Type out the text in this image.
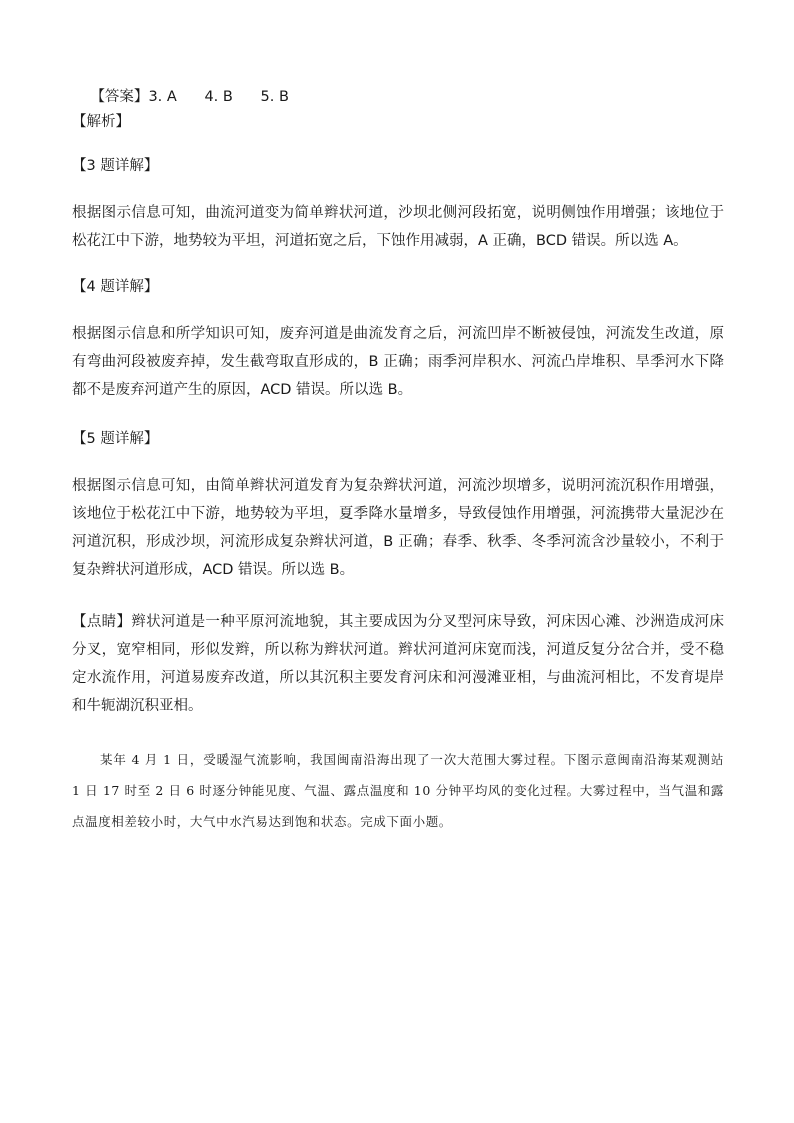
【答案】3. A      4. B      5. B

【解析】
【3 题详解】
根据图示信息可知，曲流河道变为简单辫状河道，沙坝北侧河段拓宽，说明侧蚀作用增强；该地位于松花江中下游，地势较为平坦，河道拓宽之后，下蚀作用减弱，A 正确，BCD 错误。所以选 A。
【4 题详解】
根据图示信息和所学知识可知，废弃河道是曲流发育之后，河流凹岸不断被侵蚀，河流发生改道，原有弯曲河段被废弃掉，发生截弯取直形成的，B 正确；雨季河岸积水、河流凸岸堆积、旱季河水下降都不是废弃河道产生的原因，ACD 错误。所以选 B。
【5 题详解】
根据图示信息可知，由简单辫状河道发育为复杂辫状河道，河流沙坝增多，说明河流沉积作用增强，该地位于松花江中下游，地势较为平坦，夏季降水量增多，导致侵蚀作用增强，河流携带大量泥沙在河道沉积，形成沙坝，河流形成复杂辫状河道，B 正确；春季、秋季、冬季河流含沙量较小，不利于复杂辫状河道形成，ACD 错误。所以选 B。
【点睛】辫状河道是一种平原河流地貌，其主要成因为分叉型河床导致，河床因心滩、沙洲造成河床分叉，宽窄相同，形似发辫，所以称为辫状河道。辫状河道河床宽而浅，河道反复分岔合并，受不稳定水流作用，河道易废弃改道，所以其沉积主要发育河床和河漫滩亚相，与曲流河相比，不发育堤岸和牛轭湖沉积亚相。
某年 4 月 1 日，受暖湿气流影响，我国闽南沿海出现了一次大范围大雾过程。下图示意闽南沿海某观测站 1 日 17 时至 2 日 6 时逐分钟能见度、气温、露点温度和 10 分钟平均风的变化过程。大雾过程中，当气温和露点温度相差较小时，大气中水汽易达到饱和状态。完成下面小题。
